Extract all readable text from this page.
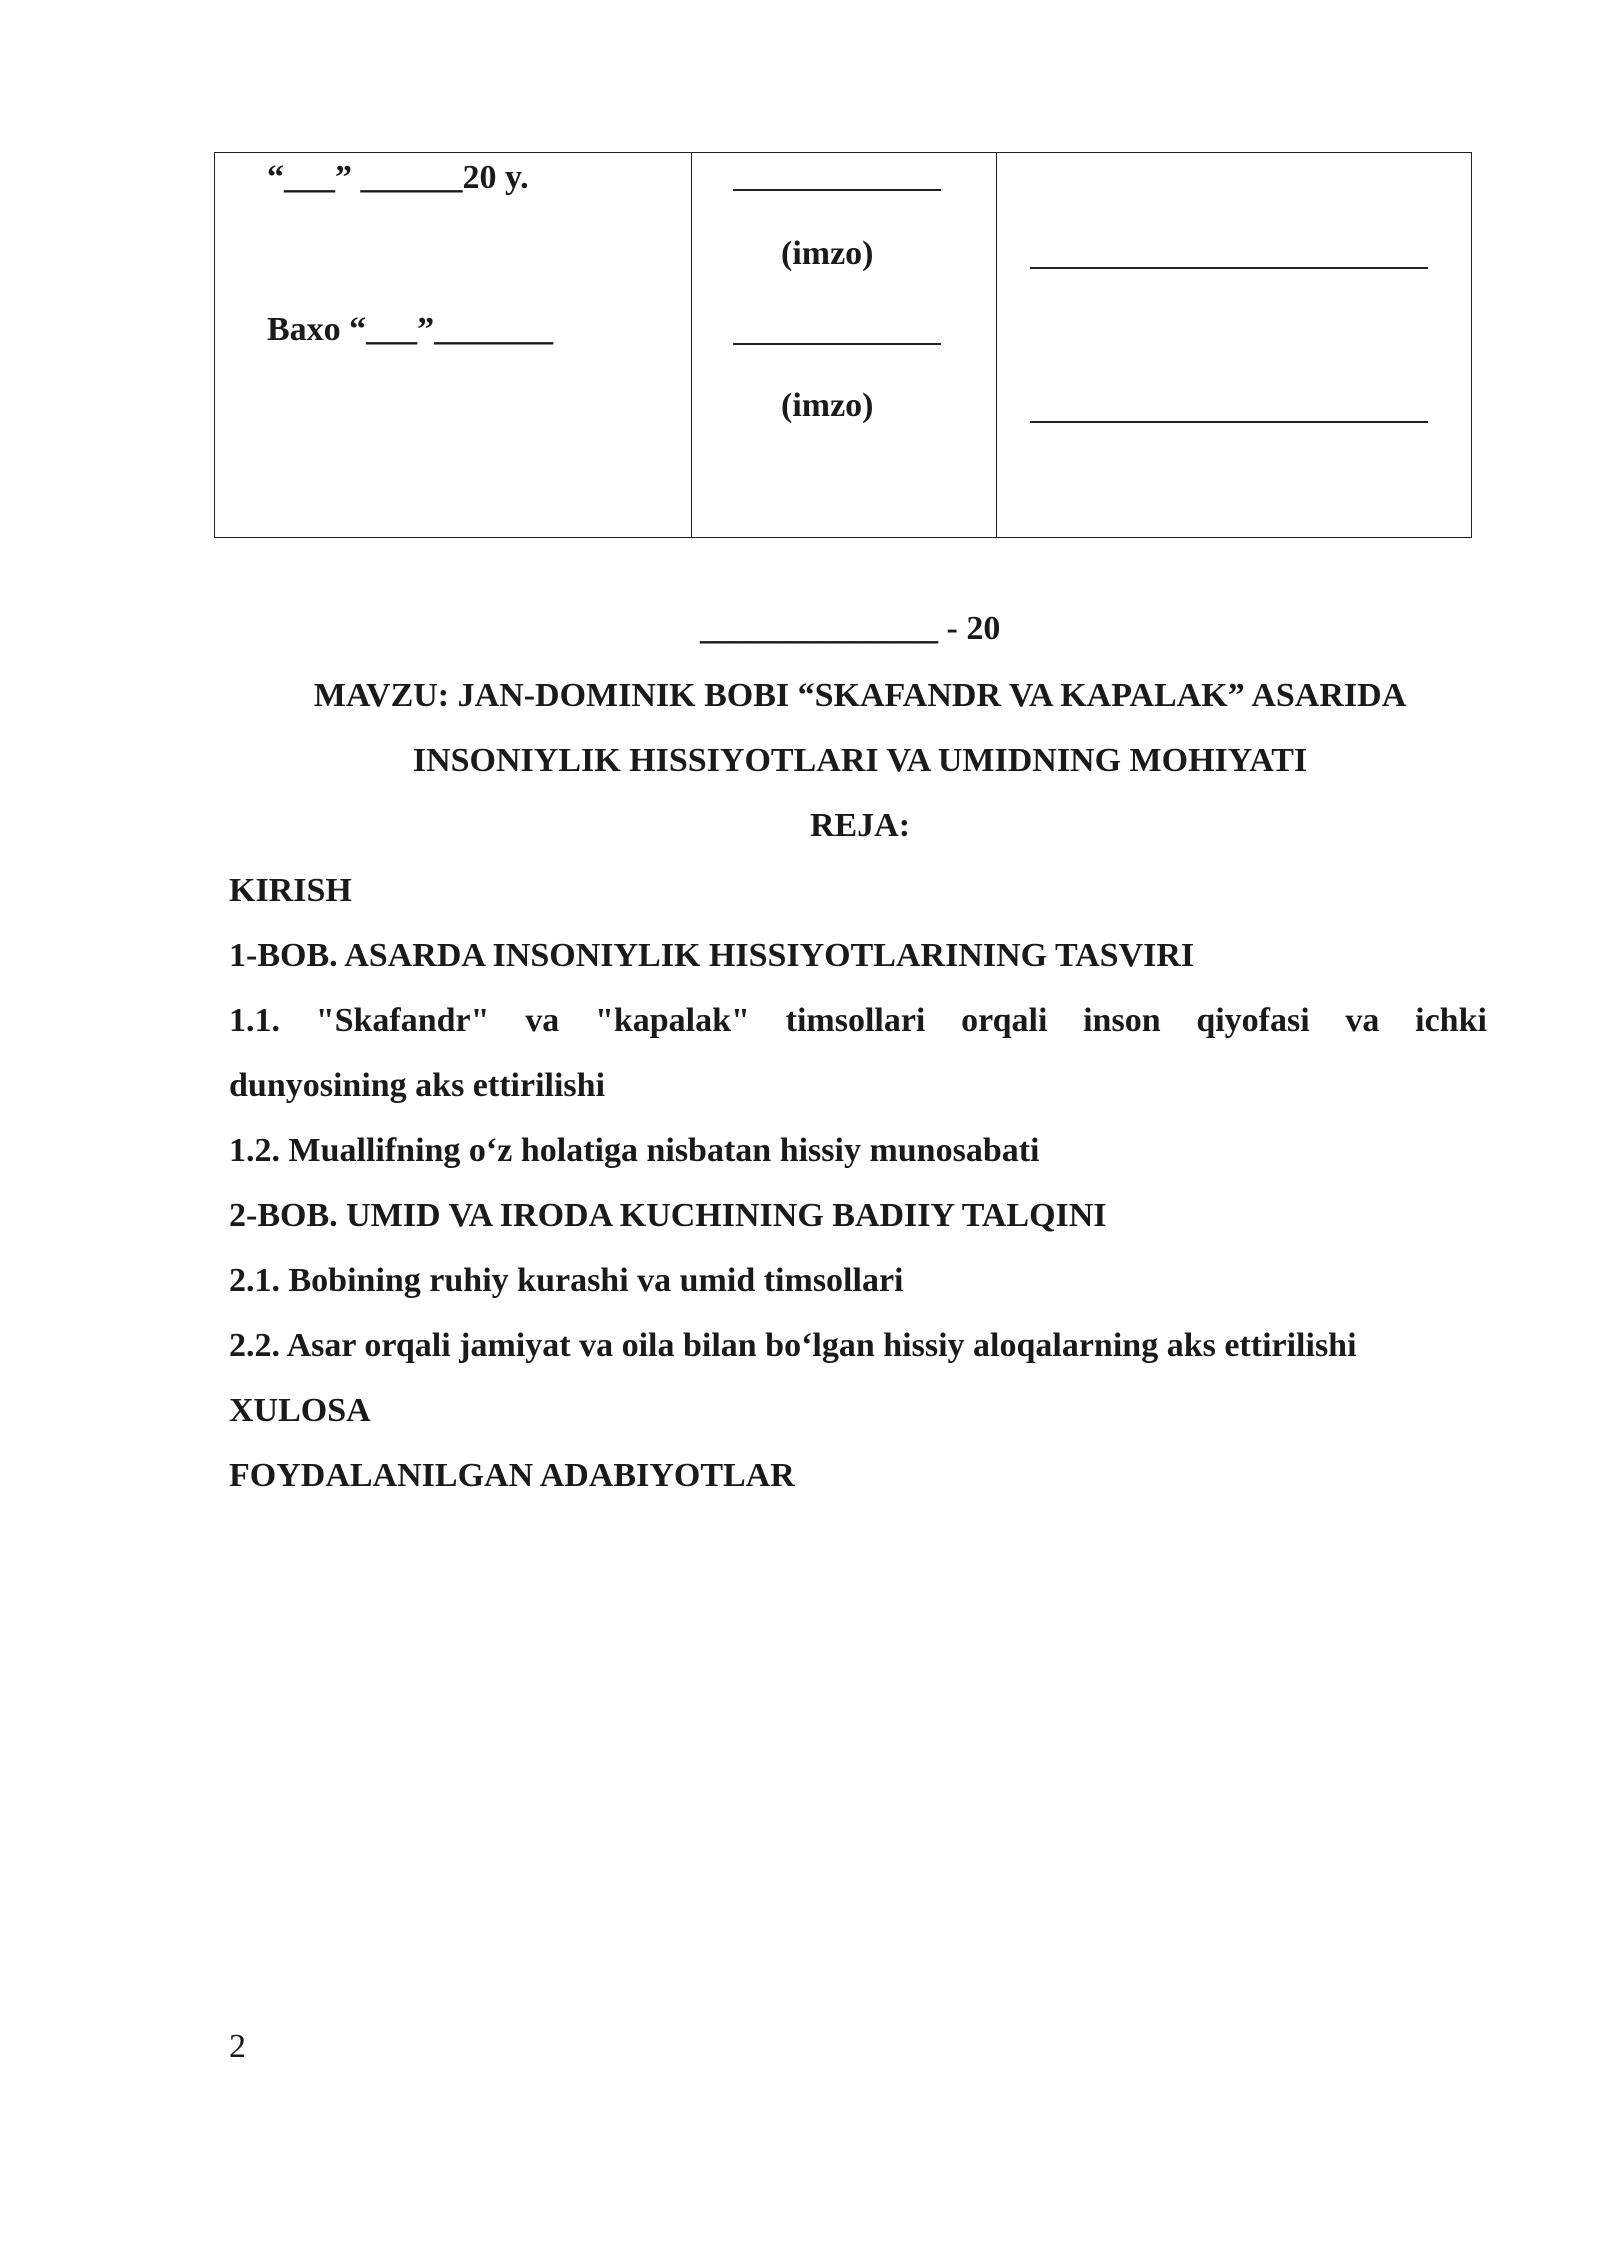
“___” ______20 y.
Baxo “___”_______
(imzo)
(imzo)
______________ - 20
MAVZU: JAN-DOMINIK BOBI “SKAFANDR VA KAPALAK” ASARIDA
INSONIYLIK HISSIYOTLARI VA UMIDNING MOHIYATI
REJA:
KIRISH
1-BOB. ASARDA INSONIYLIK HISSIYOTLARINING TASVIRI
1.1. "Skafandr" va "kapalak" timsollari orqali inson qiyofasi va ichki
dunyosining aks ettirilishi
1.2. Muallifning o‘z holatiga nisbatan hissiy munosabati
2-BOB. UMID VA IRODA KUCHINING BADIIY TALQINI
2.1. Bobining ruhiy kurashi va umid timsollari
2.2. Asar orqali jamiyat va oila bilan bo‘lgan hissiy aloqalarning aks ettirilishi
XULOSA
FOYDALANILGAN ADABIYOTLAR
2
